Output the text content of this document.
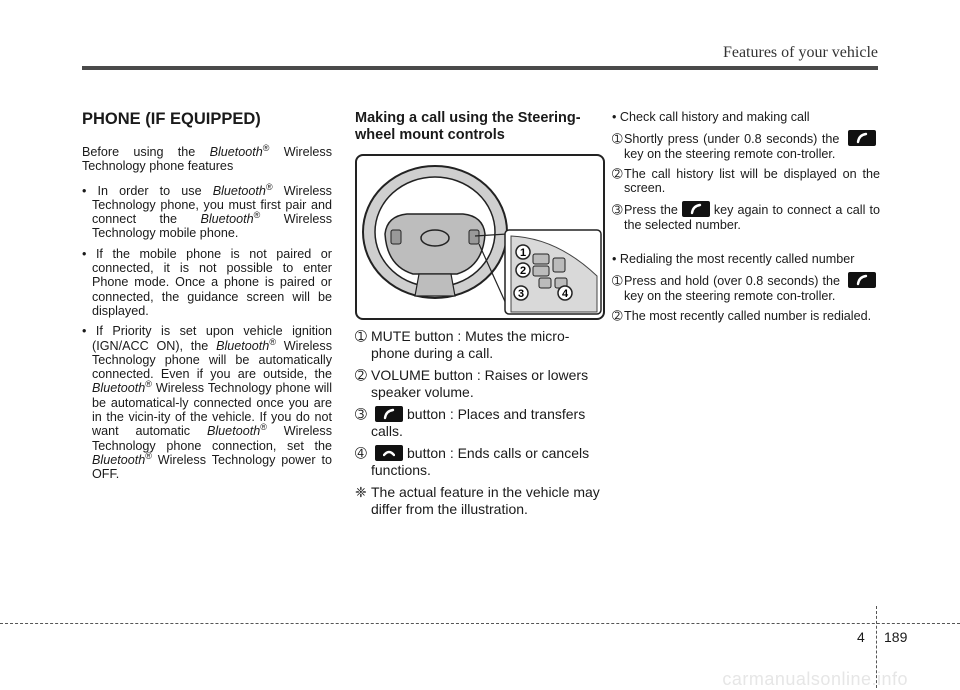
Features of your vehicle
PHONE (IF EQUIPPED)
Before using the Bluetooth® Wireless Technology phone features
• In order to use Bluetooth® Wireless Technology phone, you must first pair and connect the Bluetooth® Wireless Technology mobile phone.
• If the mobile phone is not paired or connected, it is not possible to enter Phone mode. Once a phone is paired or connected, the guidance screen will be displayed.
• If Priority is set upon vehicle ignition (IGN/ACC ON), the Bluetooth® Wireless Technology phone will be automatically connected. Even if you are outside, the Bluetooth® Wireless Technology phone will be automatical-ly connected once you are in the vicin-ity of the vehicle. If you do not want automatic Bluetooth® Wireless Technology phone connection, set the Bluetooth® Wireless Technology power to OFF.
Making a call using the Steering-wheel mount controls
1
2
3	4
➀ MUTE button : Mutes the micro-phone during a call.
➁ VOLUME button : Raises or lowers speaker volume.
➂	button : Places and transfers calls.
➃	button : Ends calls or cancels functions.
❈ The actual feature in the vehicle may differ from the illustration.
• Check call history and making call
➀Shortly press (under 0.8 seconds) the
key on the steering remote con-troller.
➁The call history list will be displayed on the screen.
➂Press the	key again to connect a call to the selected number.
• Redialing the most recently called number
➀Press and hold (over 0.8 seconds) the
key on the steering remote con-troller.
➁The most recently called number is redialed.
4 189
carmanualsonline.info
